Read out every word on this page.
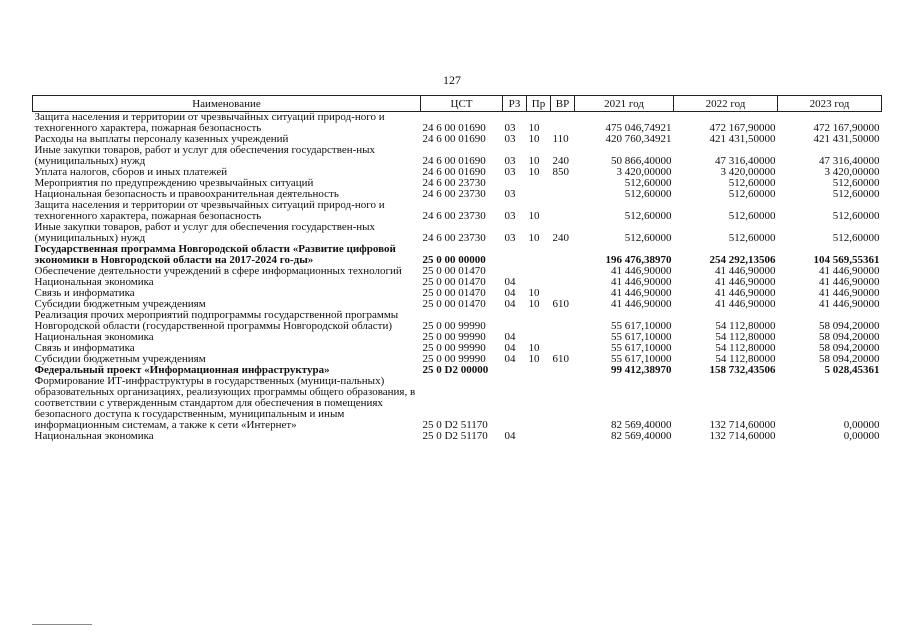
127
Наименование	ЦСТ	РЗ	Пр	ВР	2021 год	2022 год	2023 год
Защита населения и территории от чрезвычайных ситуаций природ-ного и техногенного характера, пожарная безопасность	24 6 00 01690	03	10		475 046,74921	472 167,90000	472 167,90000
Расходы на выплаты персоналу казенных учреждений	24 6 00 01690	03	10	110	420 760,34921	421 431,50000	421 431,50000
Иные закупки товаров, работ и услуг для обеспечения государствен-ных (муниципальных) нужд	24 6 00 01690	03	10	240	50 866,40000	47 316,40000	47 316,40000
Уплата налогов, сборов и иных платежей	24 6 00 01690	03	10	850	3 420,00000	3 420,00000	3 420,00000
Мероприятия по предупреждению чрезвычайных ситуаций	24 6 00 23730				512,60000	512,60000	512,60000
Национальная безопасность и правоохранительная деятельность	24 6 00 23730	03			512,60000	512,60000	512,60000
Защита населения и территории от чрезвычайных ситуаций природ-ного и техногенного характера, пожарная безопасность	24 6 00 23730	03	10		512,60000	512,60000	512,60000
Иные закупки товаров, работ и услуг для обеспечения государствен-ных (муниципальных) нужд	24 6 00 23730	03	10	240	512,60000	512,60000	512,60000
Государственная программа Новгородской области «Развитие цифровой экономики в Новгородской области на 2017-2024 го-ды»	25 0 00 00000				196 476,38970	254 292,13506	104 569,55361
Обеспечение деятельности учреждений в сфере информационных технологий	25 0 00 01470				41 446,90000	41 446,90000	41 446,90000
Национальная экономика	25 0 00 01470	04			41 446,90000	41 446,90000	41 446,90000
Связь и информатика	25 0 00 01470	04	10		41 446,90000	41 446,90000	41 446,90000
Субсидии бюджетным учреждениям	25 0 00 01470	04	10	610	41 446,90000	41 446,90000	41 446,90000
Реализация прочих мероприятий подпрограммы государственной программы Новгородской области (государственной программы Новгородской области)	25 0 00 99990				55 617,10000	54 112,80000	58 094,20000
Национальная экономика	25 0 00 99990	04			55 617,10000	54 112,80000	58 094,20000
Связь и информатика	25 0 00 99990	04	10		55 617,10000	54 112,80000	58 094,20000
Субсидии бюджетным учреждениям	25 0 00 99990	04	10	610	55 617,10000	54 112,80000	58 094,20000
Федеральный проект «Информационная инфраструктура»	25 0 D2 00000				99 412,38970	158 732,43506	5 028,45361
Формирование ИТ-инфраструктуры в государственных (муници-пальных) образовательных организациях, реализующих программы общего образования, в соответствии с утвержденным стандартом для обеспечения в помещениях безопасного доступа к государственным, муниципальным и иным информационным системам, а также к сети «Интернет»	25 0 D2 51170				82 569,40000	132 714,60000	0,00000
Национальная экономика	25 0 D2 51170	04			82 569,40000	132 714,60000	0,00000
